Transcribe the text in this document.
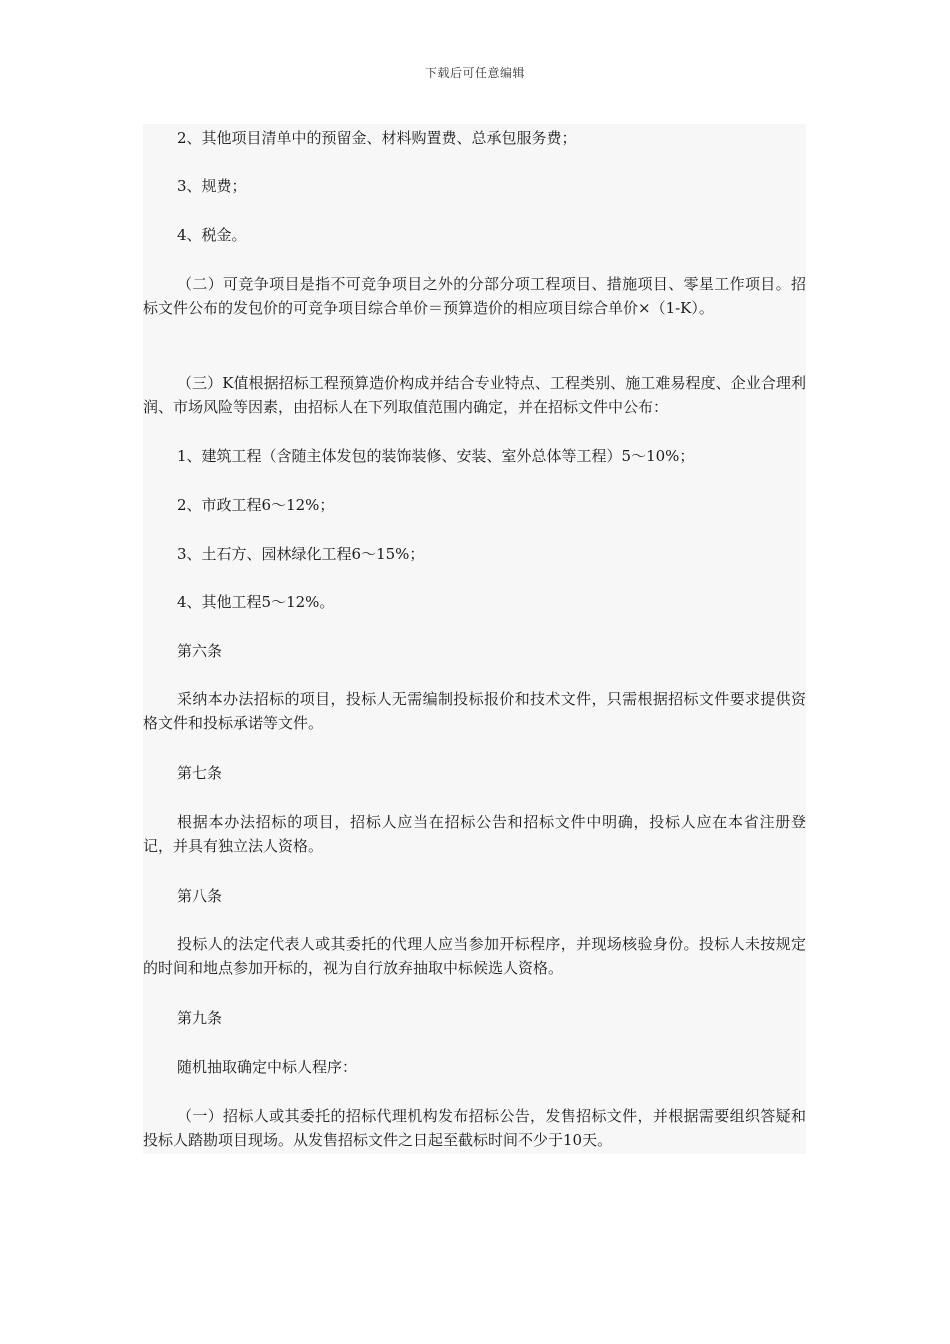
下载后可任意编辑

2、其他项目清单中的预留金、材料购置费、总承包服务费；

3、规费；

4、税金。

（二）可竞争项目是指不可竞争项目之外的分部分项工程项目、措施项目、零星工作项目。招标文件公布的发包价的可竞争项目综合单价＝预算造价的相应项目综合单价×（1-K）。

（三）K值根据招标工程预算造价构成并结合专业特点、工程类别、施工难易程度、企业合理利润、市场风险等因素，由招标人在下列取值范围内确定，并在招标文件中公布：

1、建筑工程（含随主体发包的装饰装修、安装、室外总体等工程）5～10%；

2、市政工程6～12%；

3、土石方、园林绿化工程6～15%；

4、其他工程5～12%。

第六条

采纳本办法招标的项目，投标人无需编制投标报价和技术文件，只需根据招标文件要求提供资格文件和投标承诺等文件。

第七条

根据本办法招标的项目，招标人应当在招标公告和招标文件中明确，投标人应在本省注册登记，并具有独立法人资格。

第八条

投标人的法定代表人或其委托的代理人应当参加开标程序，并现场核验身份。投标人未按规定的时间和地点参加开标的，视为自行放弃抽取中标候选人资格。

第九条

随机抽取确定中标人程序：

（一）招标人或其委托的招标代理机构发布招标公告，发售招标文件，并根据需要组织答疑和投标人踏勘项目现场。从发售招标文件之日起至截标时间不少于10天。
